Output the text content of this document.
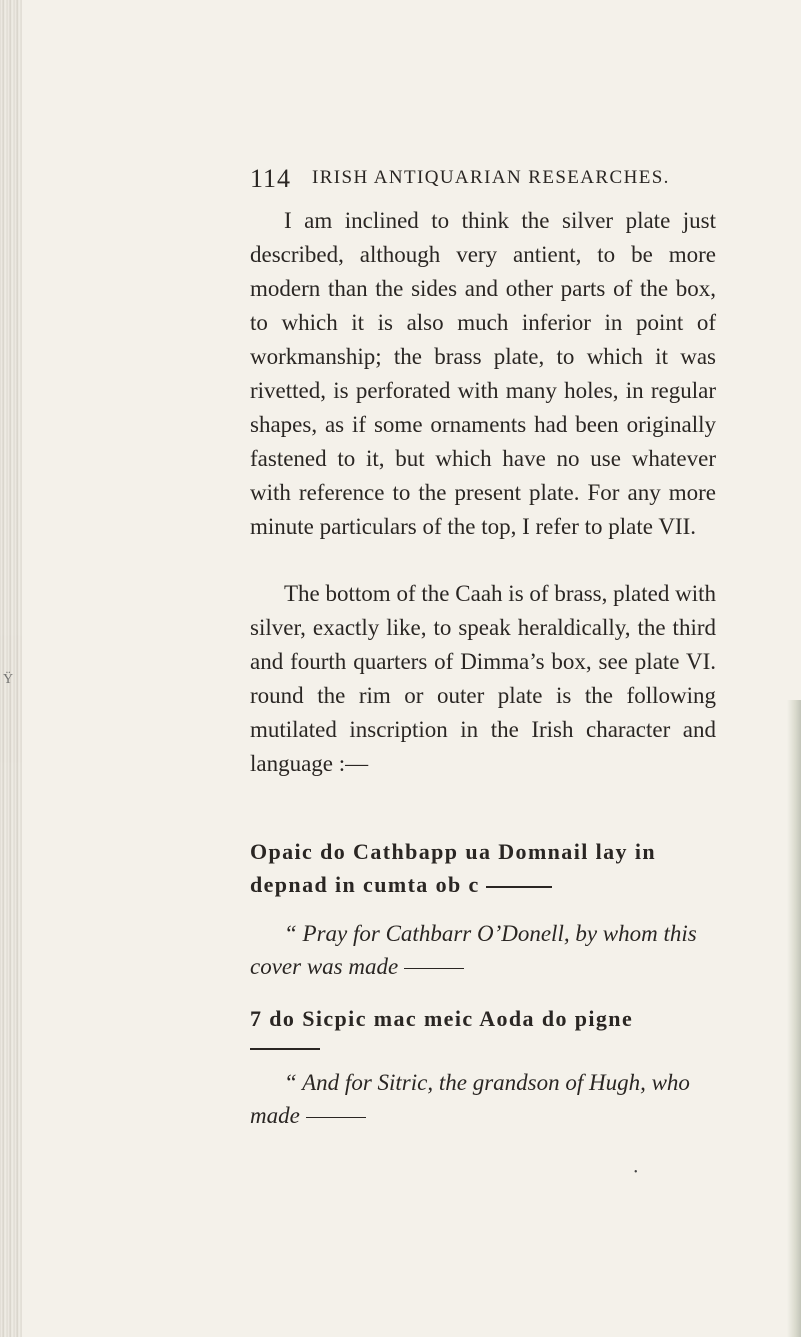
Ÿ
114 IRISH ANTIQUARIAN RESEARCHES.

I am inclined to think the silver plate just described, although very antient, to be more modern than the sides and other parts of the box, to which it is also much inferior in point of workmanship; the brass plate, to which it was rivetted, is perforated with many holes, in regular shapes, as if some ornaments had been originally fastened to it, but which have no use whatever with reference to the present plate. For any more minute particulars of the top, I refer to plate VII.

The bottom of the Caah is of brass, plated with silver, exactly like, to speak heraldically, the third and fourth quarters of Dimma’s box, see plate VI. round the rim or outer plate is the following mutilated inscription in the Irish character and language :—

Opaic do Cathbapp ua Domnail lay in depnad in cumta ob c
“ Pray for Cathbarr O’Donell, by whom this cover was made
7 do Sicpic mac meic Aoda do pigne
“ And for Sitric, the grandson of Hugh, who made
•
